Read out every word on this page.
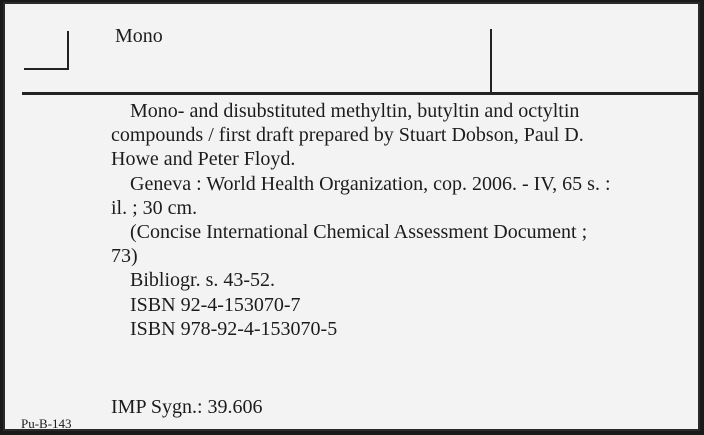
Mono

Mono- and disubstituted methyltin, butyltin and octyltin compounds / first draft prepared by Stuart Dobson, Paul D. Howe and Peter Floyd.

Geneva : World Health Organization, cop. 2006. - IV, 65 s. : il. ; 30 cm.

(Concise International Chemical Assessment Document ; 73)

Bibliogr. s. 43-52.

ISBN 92-4-153070-7

ISBN 978-92-4-153070-5

IMP Sygn.: 39.606
Pu-B-143
